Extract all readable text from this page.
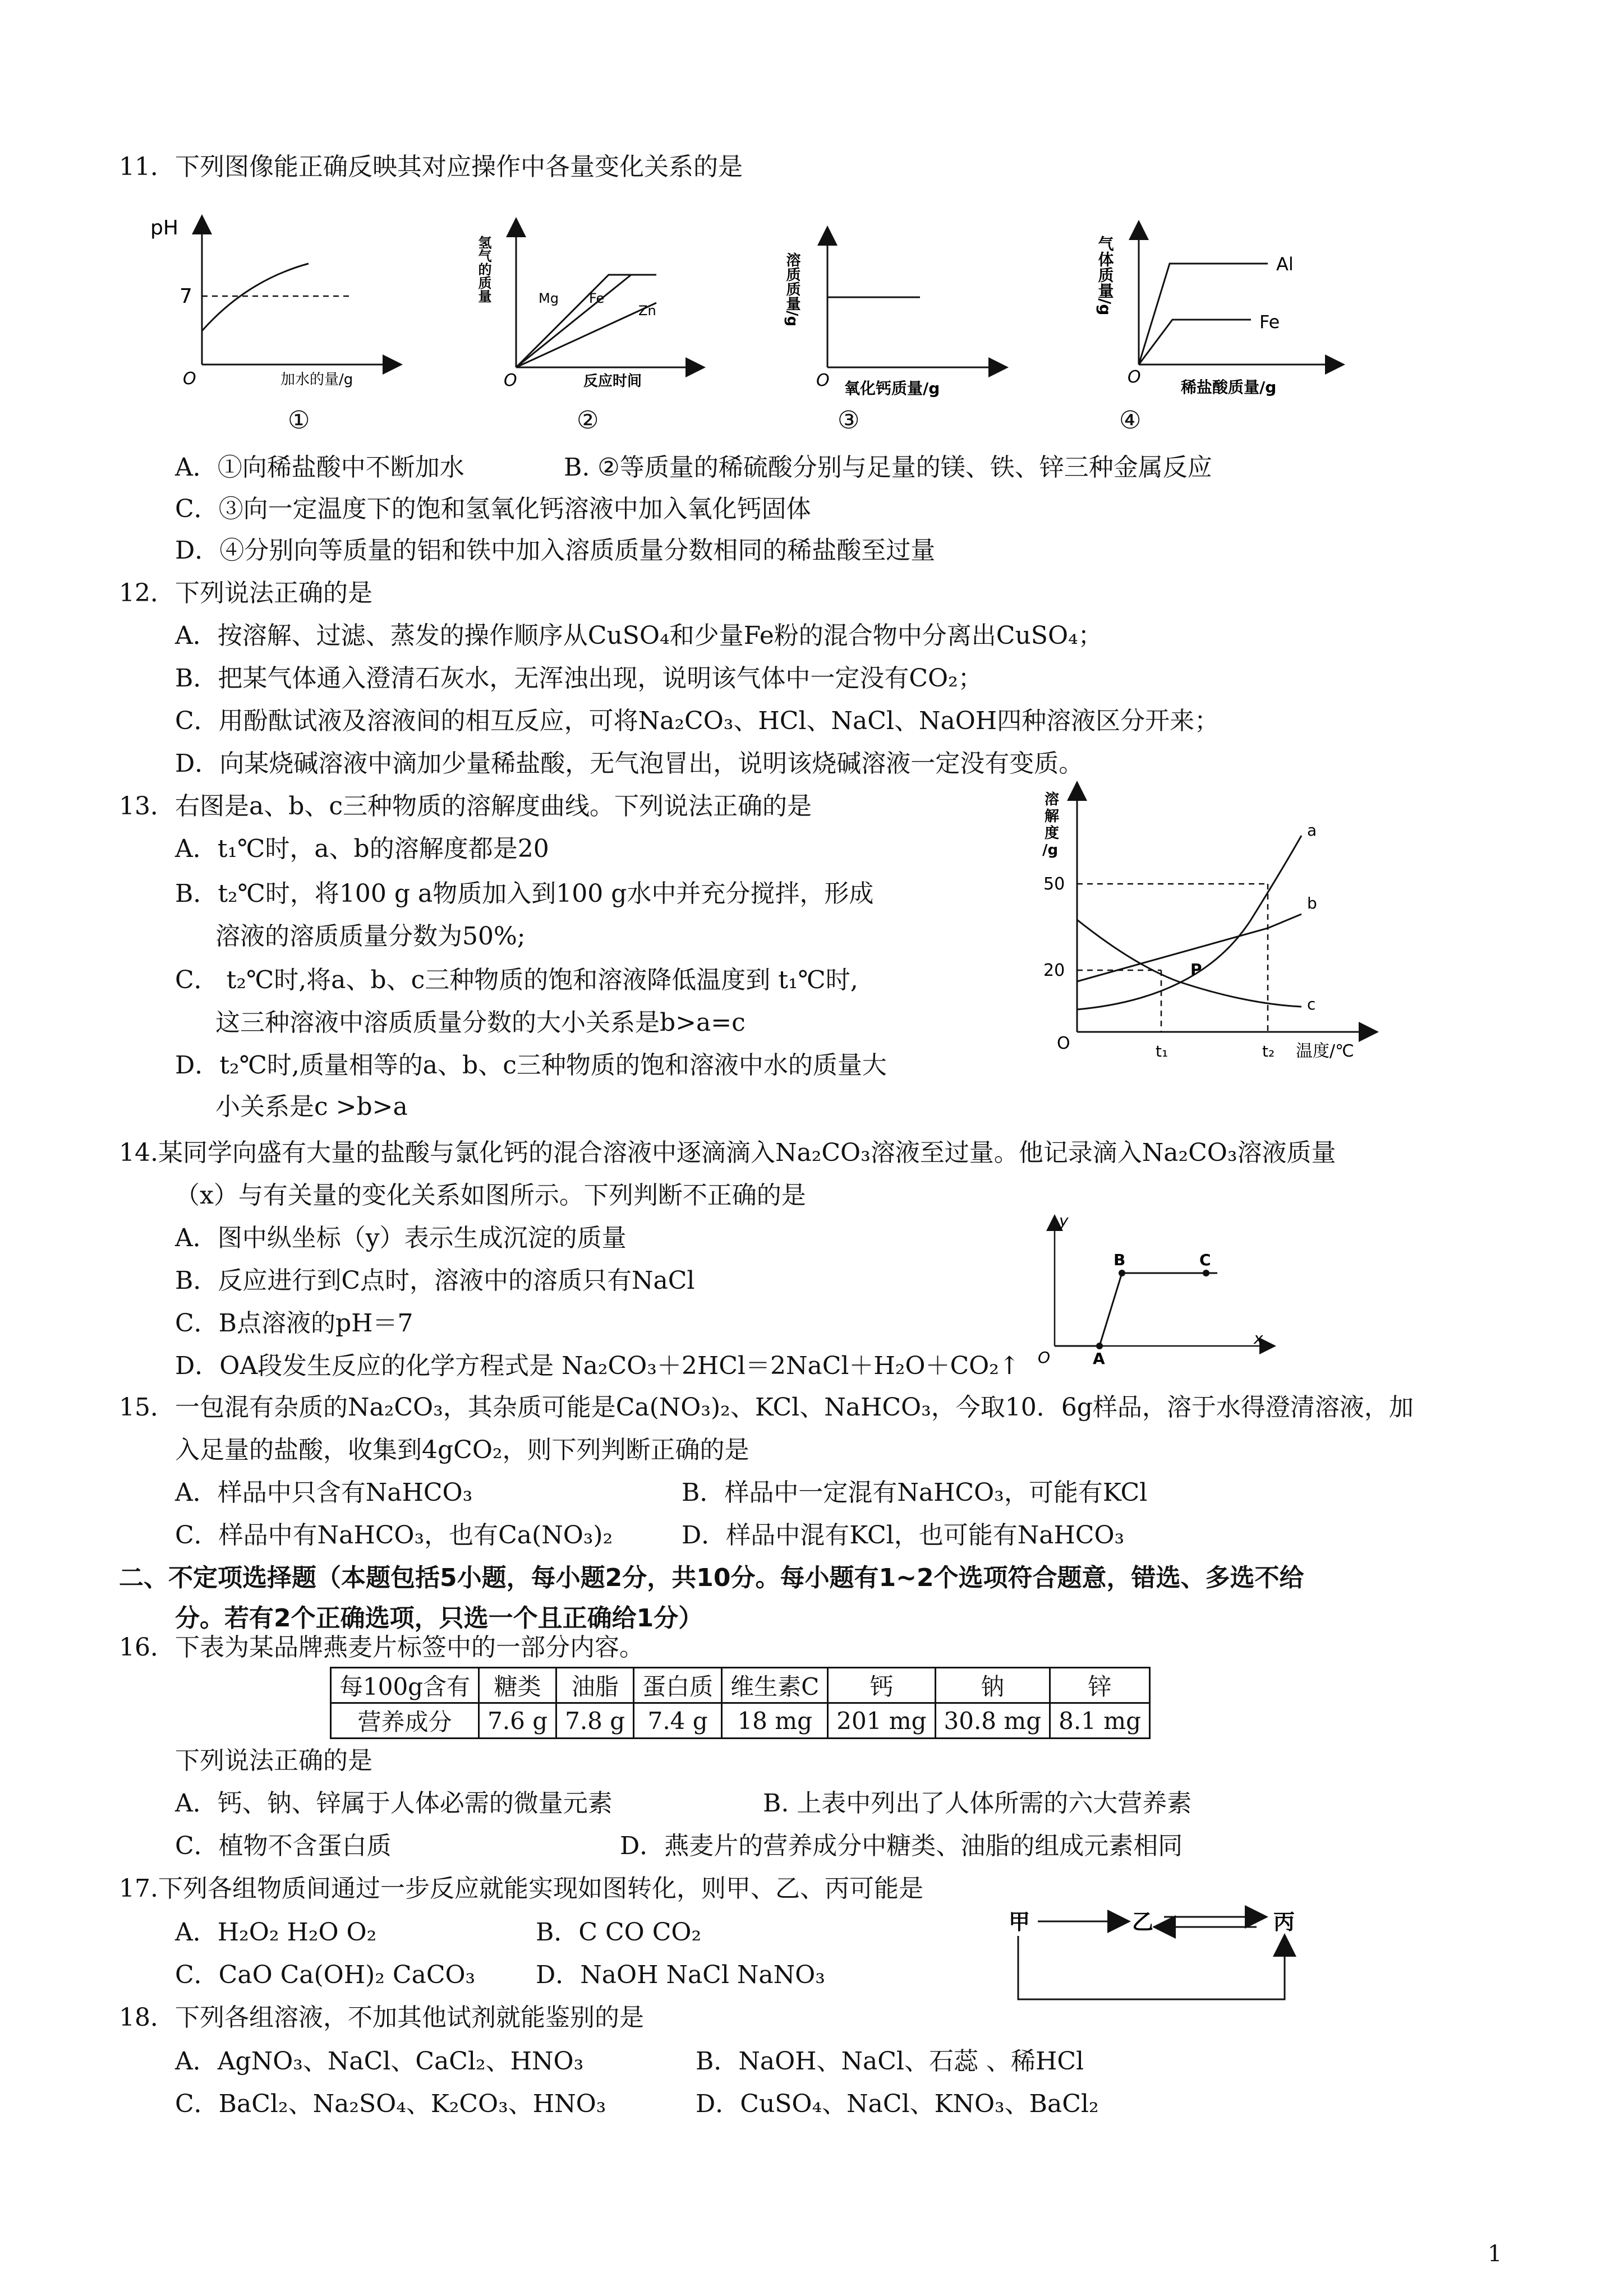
11．下列图像能正确反映其对应操作中各量变化关系的是
pH
7
O	加水的量/g
①
氢气的质量	Mg Fe
Zn
O	反应时间
②
溶质质量/g
O 氧化钙质量/g
③
气体质量/g	Al
Fe
O
稀盐酸质量/g
④
A．①向稀盐酸中不断加水	B. ②等质量的稀硫酸分别与足量的镁、铁、锌三种金属反应
C．③向一定温度下的饱和氢氧化钙溶液中加入氧化钙固体
D．④分别向等质量的铝和铁中加入溶质质量分数相同的稀盐酸至过量
12．下列说法正确的是
A．按溶解、过滤、蒸发的操作顺序从CuSO₄和少量Fe粉的混合物中分离出CuSO₄；
B．把某气体通入澄清石灰水，无浑浊出现，说明该气体中一定没有CO₂；
C．用酚酞试液及溶液间的相互反应，可将Na₂CO₃、HCl、NaCl、NaOH四种溶液区分开来；
D．向某烧碱溶液中滴加少量稀盐酸，无气泡冒出，说明该烧碱溶液一定没有变质。
13．右图是a、b、c三种物质的溶解度曲线。下列说法正确的是
A．t₁℃时，a、b的溶解度都是20
B．t₂℃时，将100 g a物质加入到100 g水中并充分搅拌，形成
溶液的溶质质量分数为50%;
C． t₂℃时,将a、b、c三种物质的饱和溶液降低温度到 t₁℃时,
这三种溶液中溶质质量分数的大小关系是b>a=c
D．t₂℃时,质量相等的a、b、c三种物质的饱和溶液中水的质量大
小关系是c >b>a
溶
解
度
/g
50
20
O	t₁	t₂ 温度/℃
a
b
c
P
14.某同学向盛有大量的盐酸与氯化钙的混合溶液中逐滴滴入Na₂CO₃溶液至过量。他记录滴入Na₂CO₃溶液质量
（x）与有关量的变化关系如图所示。下列判断不正确的是
A．图中纵坐标（y）表示生成沉淀的质量
B．反应进行到C点时，溶液中的溶质只有NaCl
C．B点溶液的pH＝7
D．OA段发生反应的化学方程式是 Na₂CO₃＋2HCl＝2NaCl＋H₂O＋CO₂↑
y
x
O	A
B	C
15．一包混有杂质的Na₂CO₃，其杂质可能是Ca(NO₃)₂、KCl、NaHCO₃，今取10．6g样品，溶于水得澄清溶液，加
入足量的盐酸，收集到4gCO₂，则下列判断正确的是
A．样品中只含有NaHCO₃	B．样品中一定混有NaHCO₃，可能有KCl
C．样品中有NaHCO₃，也有Ca(NO₃)₂	D．样品中混有KCl，也可能有NaHCO₃
二、不定项选择题（本题包括5小题，每小题2分，共10分。每小题有1~2个选项符合题意，错选、多选不给
分。若有2个正确选项，只选一个且正确给1分）
16．下表为某品牌燕麦片标签中的一部分内容。
每100g含有	糖类	油脂	蛋白质	维生素C	钙	钠	锌
营养成分	7.6 g	7.8 g	7.4 g	18 mg	201 mg	30.8 mg	8.1 mg
下列说法正确的是
A．钙、钠、锌属于人体必需的微量元素	B. 上表中列出了人体所需的六大营养素
C．植物不含蛋白质	D．燕麦片的营养成分中糖类、油脂的组成元素相同
17.下列各组物质间通过一步反应就能实现如图转化，则甲、乙、丙可能是
A．H₂O₂ H₂O O₂	B．C CO CO₂
C．CaO Ca(OH)₂ CaCO₃ D．NaOH NaCl NaNO₃
甲	乙	丙
18．下列各组溶液，不加其他试剂就能鉴别的是
A．AgNO₃、NaCl、CaCl₂、HNO₃	B．NaOH、NaCl、石蕊 、稀HCl
C．BaCl₂、Na₂SO₄、K₂CO₃、HNO₃	D．CuSO₄、NaCl、KNO₃、BaCl₂
1
